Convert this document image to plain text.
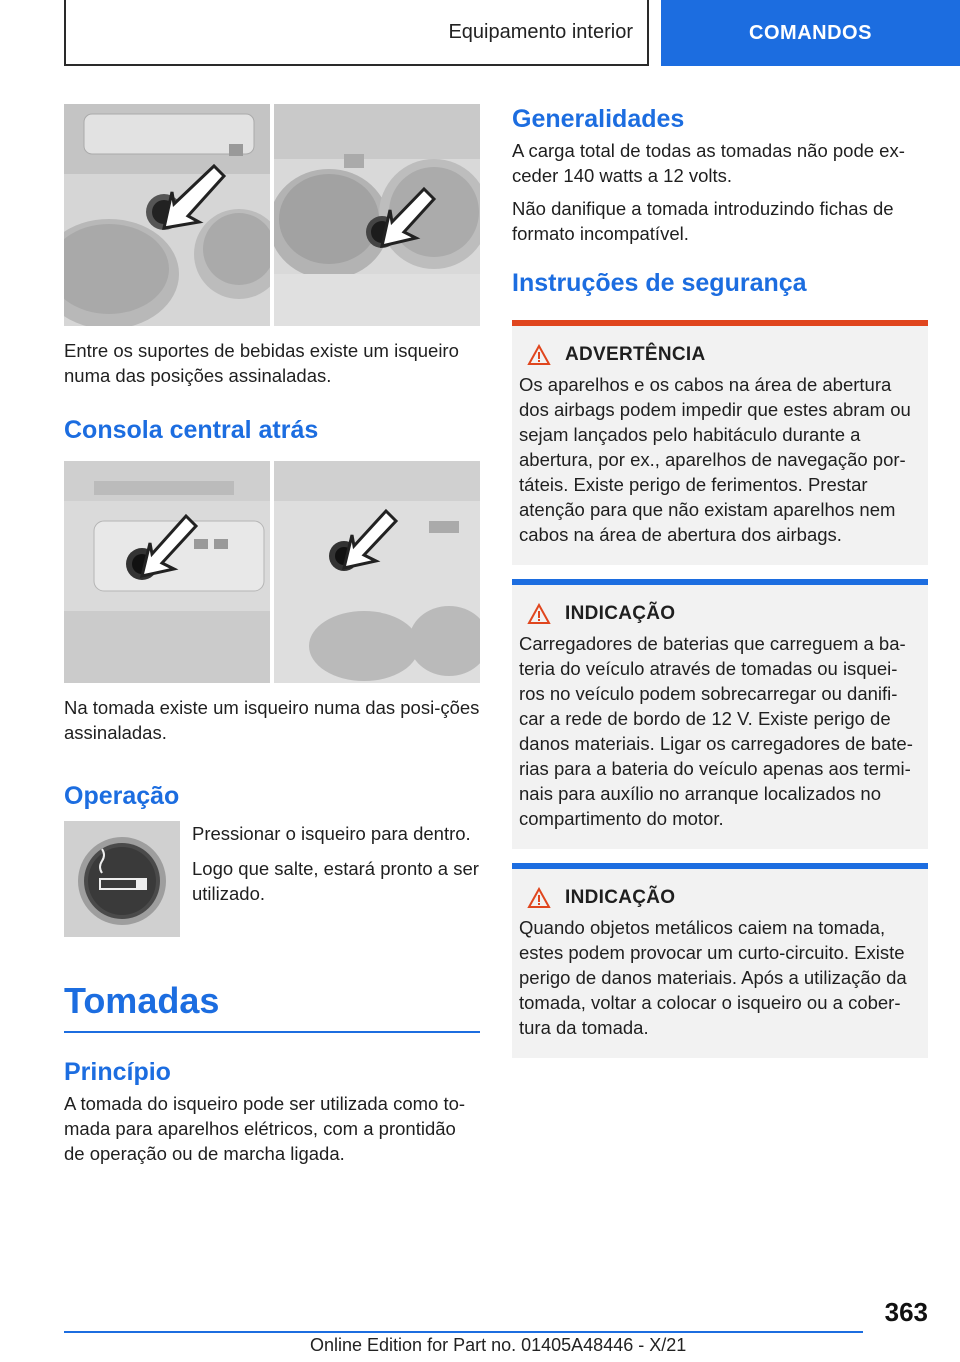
Equipamento interior	COMANDOS

Entre os suportes de bebidas existe um isqueiro numa das posições assinaladas.

Consola central atrás

Na tomada existe um isqueiro numa das posi-ções assinaladas.

Operação

Pressionar o isqueiro para dentro.

Logo que salte, estará pronto a ser utilizado.

Tomadas
Princípio

A tomada do isqueiro pode ser utilizada como to-mada para aparelhos elétricos, com a prontidão de operação ou de marcha ligada.

Generalidades

A carga total de todas as tomadas não pode ex-ceder 140 watts a 12 volts.

Não danifique a tomada introduzindo fichas de formato incompatível.

Instruções de segurança
ADVERTÊNCIA

Os aparelhos e os cabos na área de abertura dos airbags podem impedir que estes abram ou sejam lançados pelo habitáculo durante a abertura, por ex., aparelhos de navegação por-táteis. Existe perigo de ferimentos. Prestar atenção para que não existam aparelhos nem cabos na área de abertura dos airbags.

INDICAÇÃO

Carregadores de baterias que carreguem a ba-teria do veículo através de tomadas ou isquei-ros no veículo podem sobrecarregar ou danifi-car a rede de bordo de 12 V. Existe perigo de danos materiais. Ligar os carregadores de bate-rias para a bateria do veículo apenas aos termi-nais para auxílio no arranque localizados no compartimento do motor.

INDICAÇÃO

Quando objetos metálicos caiem na tomada, estes podem provocar um curto-circuito. Existe perigo de danos materiais. Após a utilização da tomada, voltar a colocar o isqueiro ou a cober-tura da tomada.

363
Online Edition for Part no. 01405A48446 - X/21
